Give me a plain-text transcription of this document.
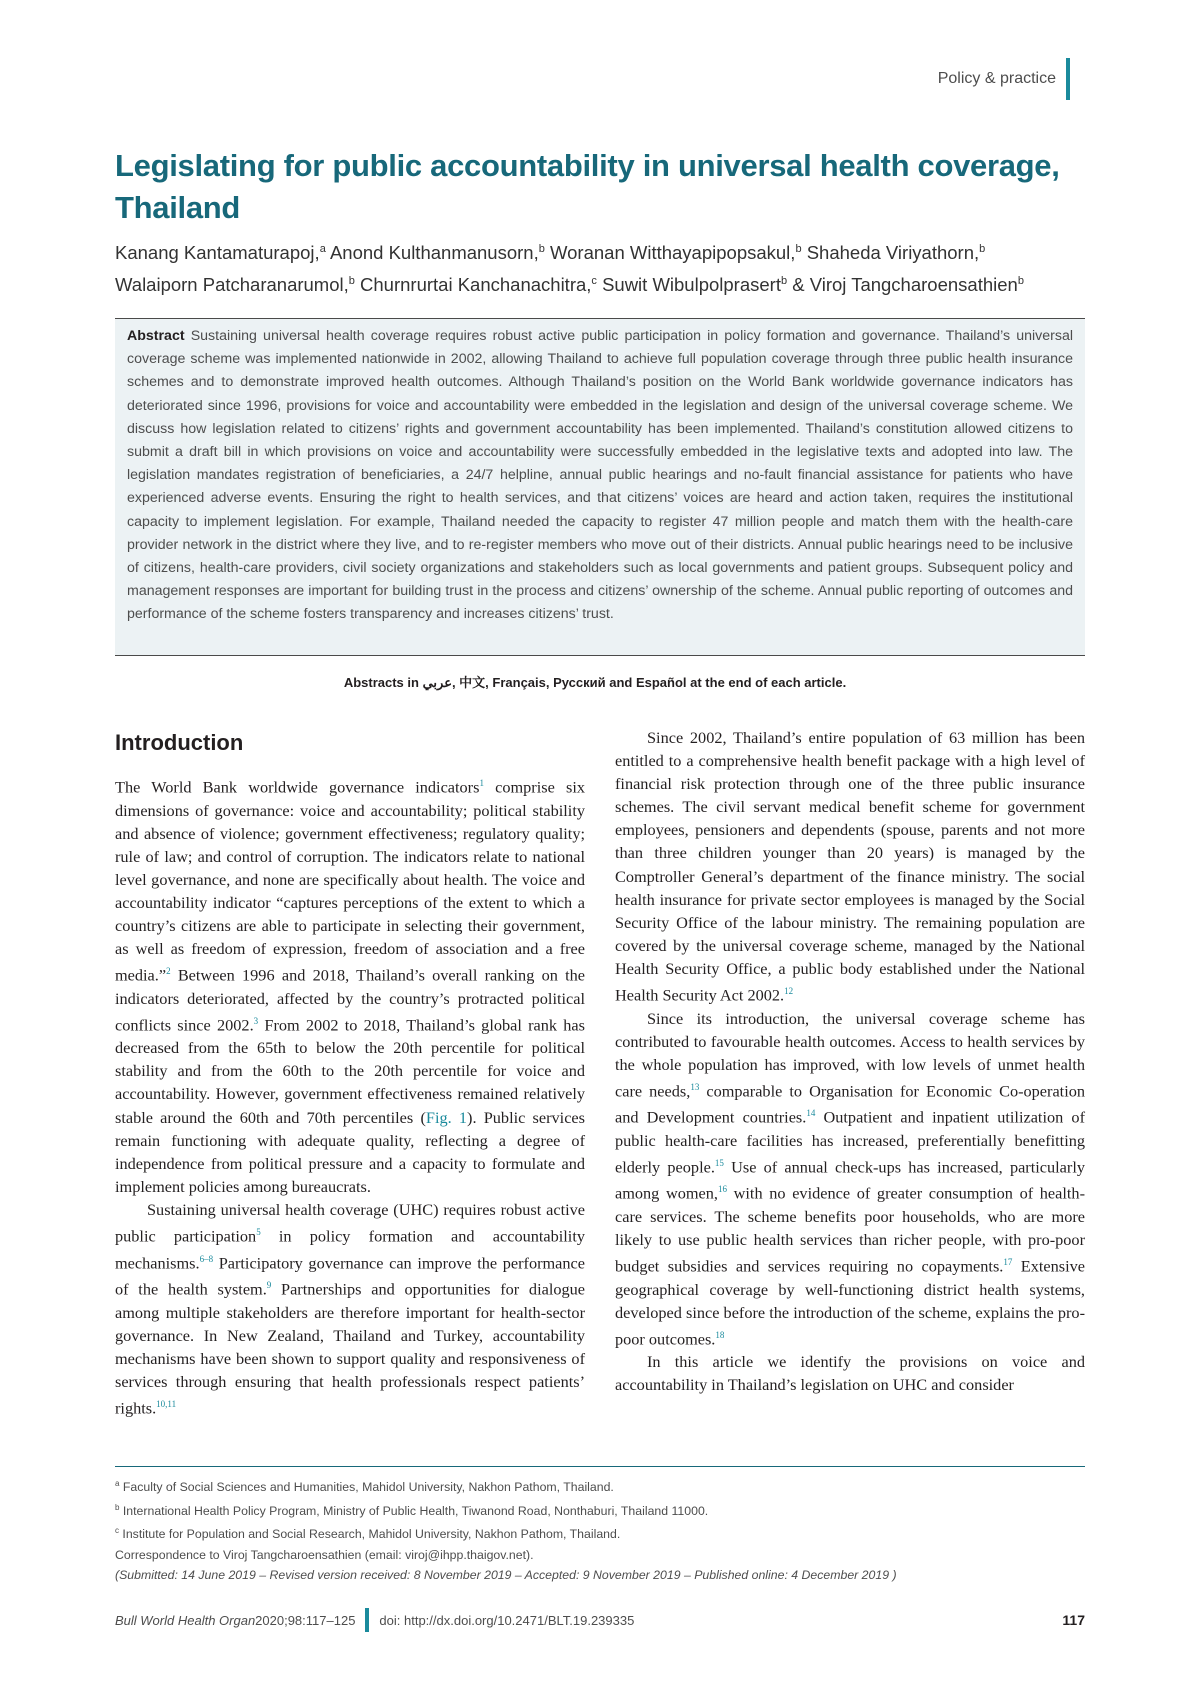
Policy & practice
Legislating for public accountability in universal health coverage, Thailand
Kanang Kantamaturapoj,$^a$ Anond Kulthanmanusorn,$^b$ Woranan Witthayapipopsakul,$^b$ Shaheda Viriyathorn,$^b$
Walaiporn Patcharanarumol,$^b$ Churnrurtai Kanchanachitra,$^c$ Suwit Wibulpolprasert$^b$ & Viroj Tangcharoensathien$^b$
Abstract Sustaining universal health coverage requires robust active public participation in policy formation and governance. Thailand’s universal coverage scheme was implemented nationwide in 2002, allowing Thailand to achieve full population coverage through three public health insurance schemes and to demonstrate improved health outcomes. Although Thailand’s position on the World Bank worldwide governance indicators has deteriorated since 1996, provisions for voice and accountability were embedded in the legislation and design of the universal coverage scheme. We discuss how legislation related to citizens’ rights and government accountability has been implemented. Thailand’s constitution allowed citizens to submit a draft bill in which provisions on voice and accountability were successfully embedded in the legislative texts and adopted into law. The legislation mandates registration of beneficiaries, a 24/7 helpline, annual public hearings and no-fault financial assistance for patients who have experienced adverse events. Ensuring the right to health services, and that citizens’ voices are heard and action taken, requires the institutional capacity to implement legislation. For example, Thailand needed the capacity to register 47 million people and match them with the health-care provider network in the district where they live, and to re-register members who move out of their districts. Annual public hearings need to be inclusive of citizens, health-care providers, civil society organizations and stakeholders such as local governments and patient groups. Subsequent policy and management responses are important for building trust in the process and citizens’ ownership of the scheme. Annual public reporting of outcomes and performance of the scheme fosters transparency and increases citizens’ trust.
Abstracts in عربي, 中文, Français, Русский and Español at the end of each article.
Introduction

The World Bank worldwide governance indicators$^1$ comprise six dimensions of governance: voice and accountability; political stability and absence of violence; government effectiveness; regulatory quality; rule of law; and control of corruption. The indicators relate to national level governance, and none are specifically about health. The voice and accountability indicator “captures perceptions of the extent to which a country’s citizens are able to participate in selecting their government, as well as freedom of expression, freedom of association and a free media.”$^2$ Between 1996 and 2018, Thailand’s overall ranking on the indicators deteriorated, affected by the country’s protracted political conflicts since 2002.$^3$ From 2002 to 2018, Thailand’s global rank has decreased from the 65th to below the 20th percentile for political stability and from the 60th to the 20th percentile for voice and accountability. However, government effectiveness remained relatively stable around the 60th and 70th percentiles (Fig. 1). Public services remain functioning with adequate quality, reflecting a degree of independence from political pressure and a capacity to formulate and implement policies among bureaucrats.

Sustaining universal health coverage (UHC) requires robust active public participation$^5$ in policy formation and accountability mechanisms.$^{6-8}$ Participatory governance can improve the performance of the health system.$^9$ Partnerships and opportunities for dialogue among multiple stakeholders are therefore important for health-sector governance. In New Zealand, Thailand and Turkey, accountability mechanisms have been shown to support quality and responsiveness of services through ensuring that health professionals respect patients’ rights.$^{10,11}$

Since 2002, Thailand’s entire population of 63 million has been entitled to a comprehensive health benefit package with a high level of financial risk protection through one of the three public insurance schemes. The civil servant medical benefit scheme for government employees, pensioners and dependents (spouse, parents and not more than three children younger than 20 years) is managed by the Comptroller General’s department of the finance ministry. The social health insurance for private sector employees is managed by the Social Security Office of the labour ministry. The remaining population are covered by the universal coverage scheme, managed by the National Health Security Office, a public body established under the National Health Security Act 2002.12

Since its introduction, the universal coverage scheme has contributed to favourable health outcomes. Access to health services by the whole population has improved, with low levels of unmet health care needs,$^{13}$ comparable to Organisation for Economic Co-operation and Development countries.$^{14}$ Outpatient and inpatient utilization of public health-care facilities has increased, preferentially benefitting elderly people.$^{15}$ Use of annual check-ups has increased, particularly among women,$^{16}$ with no evidence of greater consumption of health-care services. The scheme benefits poor households, who are more likely to use public health services than richer people, with pro-poor budget subsidies and services requiring no copayments.$^{17}$ Extensive geographical coverage by well-functioning district health systems, developed since before the introduction of the scheme, explains the pro-poor outcomes.$^{18}$

In this article we identify the provisions on voice and accountability in Thailand’s legislation on UHC and consider

$^a$ Faculty of Social Sciences and Humanities, Mahidol University, Nakhon Pathom, Thailand.
$^b$ International Health Policy Program, Ministry of Public Health, Tiwanond Road, Nonthaburi, Thailand 11000.
$^c$ Institute for Population and Social Research, Mahidol University, Nakhon Pathom, Thailand.
Correspondence to Viroj Tangcharoensathien (email: viroj@ihpp.thaigov.net).
(Submitted: 14 June 2019 – Revised version received: 8 November 2019 – Accepted: 9 November 2019 – Published online: 4 December 2019 )
Bull World Health Organ 2020;98:117–125 doi: http://dx.doi.org/10.2471/BLT.19.239335	117
